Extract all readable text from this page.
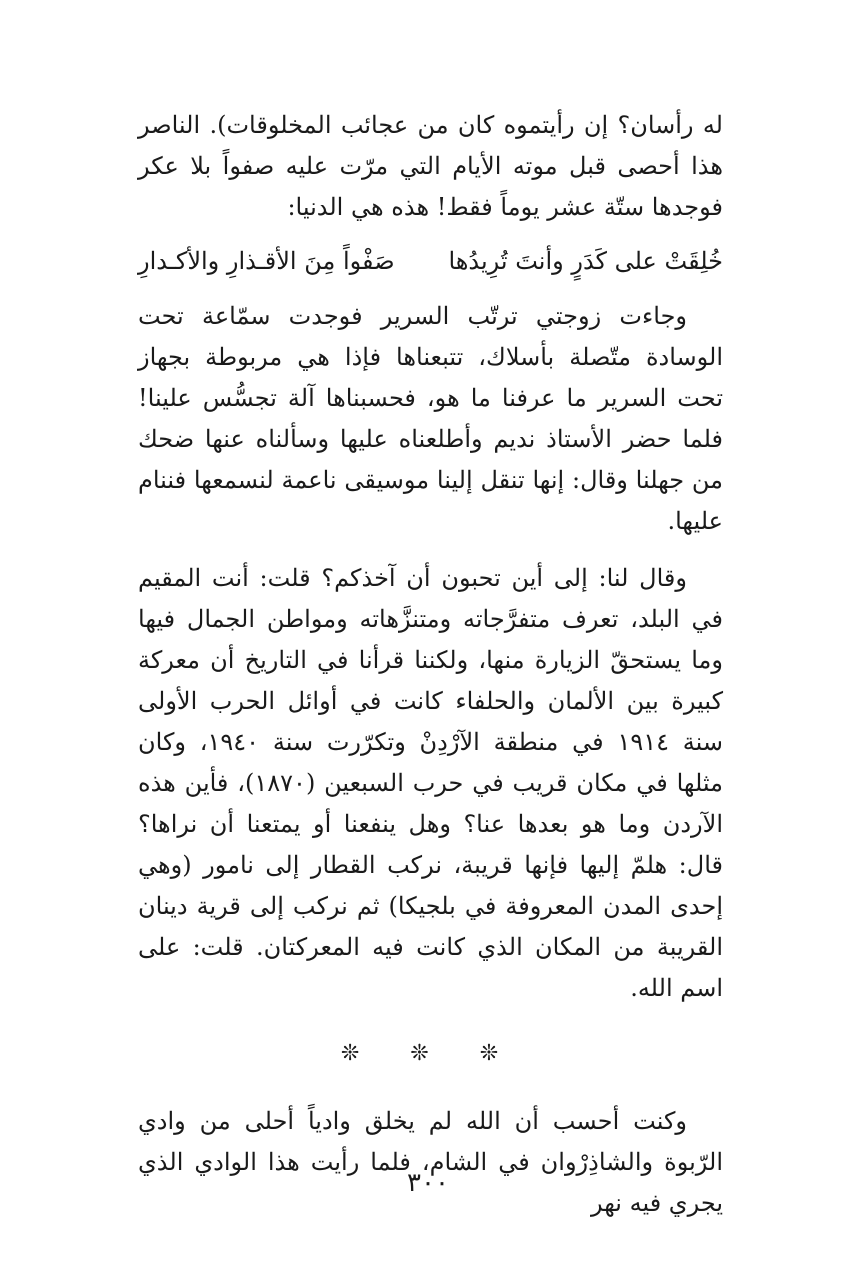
له رأسان؟ إن رأيتموه كان من عجائب المخلوقات). الناصر هذا أحصى قبل موته الأيام التي مرّت عليه صفواً بلا عكر فوجدها ستّة عشر يوماً فقط! هذه هي الدنيا:

خُلِقَتْ على كَدَرٍ وأنتَ تُرِيدُها
صَفْواً مِنَ الأقـذارِ والأكـدارِ

وجاءت زوجتي ترتّب السرير فوجدت سمّاعة تحت الوسادة متّصلة بأسلاك، تتبعناها فإذا هي مربوطة بجهاز تحت السرير ما عرفنا ما هو، فحسبناها آلة تجسُّس علينا! فلما حضر الأستاذ نديم وأطلعناه عليها وسألناه عنها ضحك من جهلنا وقال: إنها تنقل إلينا موسيقى ناعمة لنسمعها فننام عليها.

وقال لنا: إلى أين تحبون أن آخذكم؟ قلت: أنت المقيم في البلد، تعرف متفرَّجاته ومتنزَّهاته ومواطن الجمال فيها وما يستحقّ الزيارة منها، ولكننا قرأنا في التاريخ أن معركة كبيرة بين الألمان والحلفاء كانت في أوائل الحرب الأولى سنة ١٩١٤ في منطقة الآرْدِنْ وتكرّرت سنة ١٩٤٠، وكان مثلها في مكان قريب في حرب السبعين (١٨٧٠)، فأين هذه الآردن وما هو بعدها عنا؟ وهل ينفعنا أو يمتعنا أن نراها؟ قال: هلمّ إليها فإنها قريبة، نركب القطار إلى نامور (وهي إحدى المدن المعروفة في بلجيكا) ثم نركب إلى قرية دينان القريبة من المكان الذي كانت فيه المعركتان. قلت: على اسم الله.

❊ ❊ ❊

وكنت أحسب أن الله لم يخلق وادياً أحلى من وادي الرّبوة والشاذِرْوان في الشام، فلما رأيت هذا الوادي الذي يجري فيه نهر

٣٠٠
